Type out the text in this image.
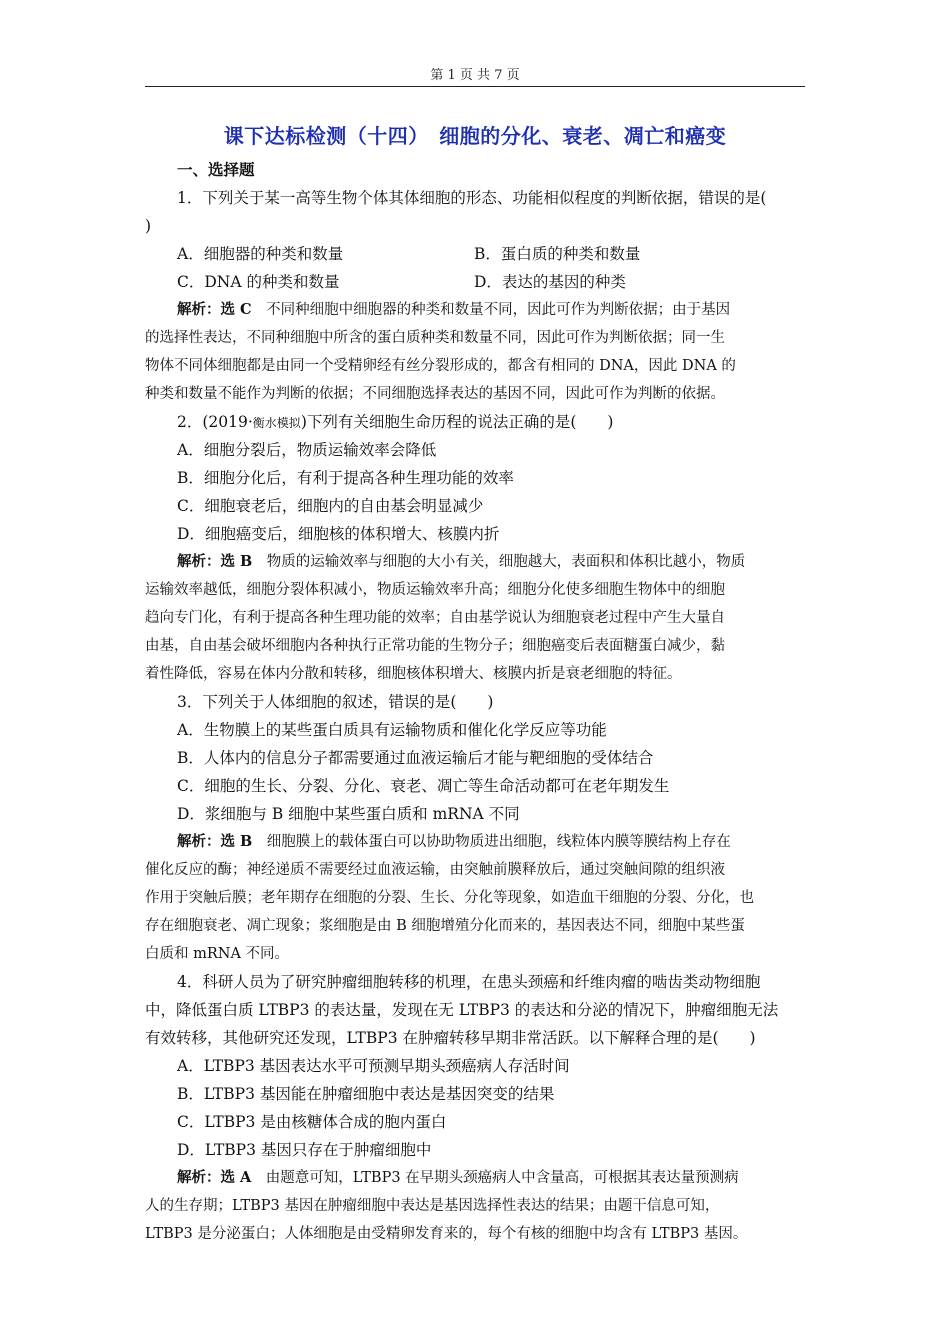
第 1 页 共 7 页
课下达标检测（十四）　细胞的分化、衰老、凋亡和癌变
一、选择题
1．下列关于某一高等生物个体其体细胞的形态、功能相似程度的判断依据，错误的是(
)
A．细胞器的种类和数量	B．蛋白质的种类和数量
C．DNA 的种类和数量	D．表达的基因的种类
解析：选 C　不同种细胞中细胞器的种类和数量不同，因此可作为判断依据；由于基因
的选择性表达，不同种细胞中所含的蛋白质种类和数量不同，因此可作为判断依据；同一生
物体不同体细胞都是由同一个受精卵经有丝分裂形成的，都含有相同的 DNA，因此 DNA 的
种类和数量不能作为判断的依据；不同细胞选择表达的基因不同，因此可作为判断的依据。
2．(2019·衡水模拟)下列有关细胞生命历程的说法正确的是(　　)
A．细胞分裂后，物质运输效率会降低
B．细胞分化后，有利于提高各种生理功能的效率
C．细胞衰老后，细胞内的自由基会明显减少
D．细胞癌变后，细胞核的体积增大、核膜内折
解析：选 B　物质的运输效率与细胞的大小有关，细胞越大，表面积和体积比越小，物质
运输效率越低，细胞分裂体积减小，物质运输效率升高；细胞分化使多细胞生物体中的细胞
趋向专门化，有利于提高各种生理功能的效率；自由基学说认为细胞衰老过程中产生大量自
由基，自由基会破坏细胞内各种执行正常功能的生物分子；细胞癌变后表面糖蛋白减少，黏
着性降低，容易在体内分散和转移，细胞核体积增大、核膜内折是衰老细胞的特征。
3．下列关于人体细胞的叙述，错误的是(　　)
A．生物膜上的某些蛋白质具有运输物质和催化化学反应等功能
B．人体内的信息分子都需要通过血液运输后才能与靶细胞的受体结合
C．细胞的生长、分裂、分化、衰老、凋亡等生命活动都可在老年期发生
D．浆细胞与 B 细胞中某些蛋白质和 mRNA 不同
解析：选 B　细胞膜上的载体蛋白可以协助物质进出细胞，线粒体内膜等膜结构上存在
催化反应的酶；神经递质不需要经过血液运输，由突触前膜释放后，通过突触间隙的组织液
作用于突触后膜；老年期存在细胞的分裂、生长、分化等现象，如造血干细胞的分裂、分化，也
存在细胞衰老、凋亡现象；浆细胞是由 B 细胞增殖分化而来的，基因表达不同，细胞中某些蛋
白质和 mRNA 不同。
4．科研人员为了研究肿瘤细胞转移的机理，在患头颈癌和纤维肉瘤的啮齿类动物细胞
中，降低蛋白质 LTBP3 的表达量，发现在无 LTBP3 的表达和分泌的情况下，肿瘤细胞无法
有效转移，其他研究还发现，LTBP3 在肿瘤转移早期非常活跃。以下解释合理的是(　　)
A．LTBP3 基因表达水平可预测早期头颈癌病人存活时间
B．LTBP3 基因能在肿瘤细胞中表达是基因突变的结果
C．LTBP3 是由核糖体合成的胞内蛋白
D．LTBP3 基因只存在于肿瘤细胞中
解析：选 A　由题意可知，LTBP3 在早期头颈癌病人中含量高，可根据其表达量预测病
人的生存期；LTBP3 基因在肿瘤细胞中表达是基因选择性表达的结果；由题干信息可知，
LTBP3 是分泌蛋白；人体细胞是由受精卵发育来的，每个有核的细胞中均含有 LTBP3 基因。
